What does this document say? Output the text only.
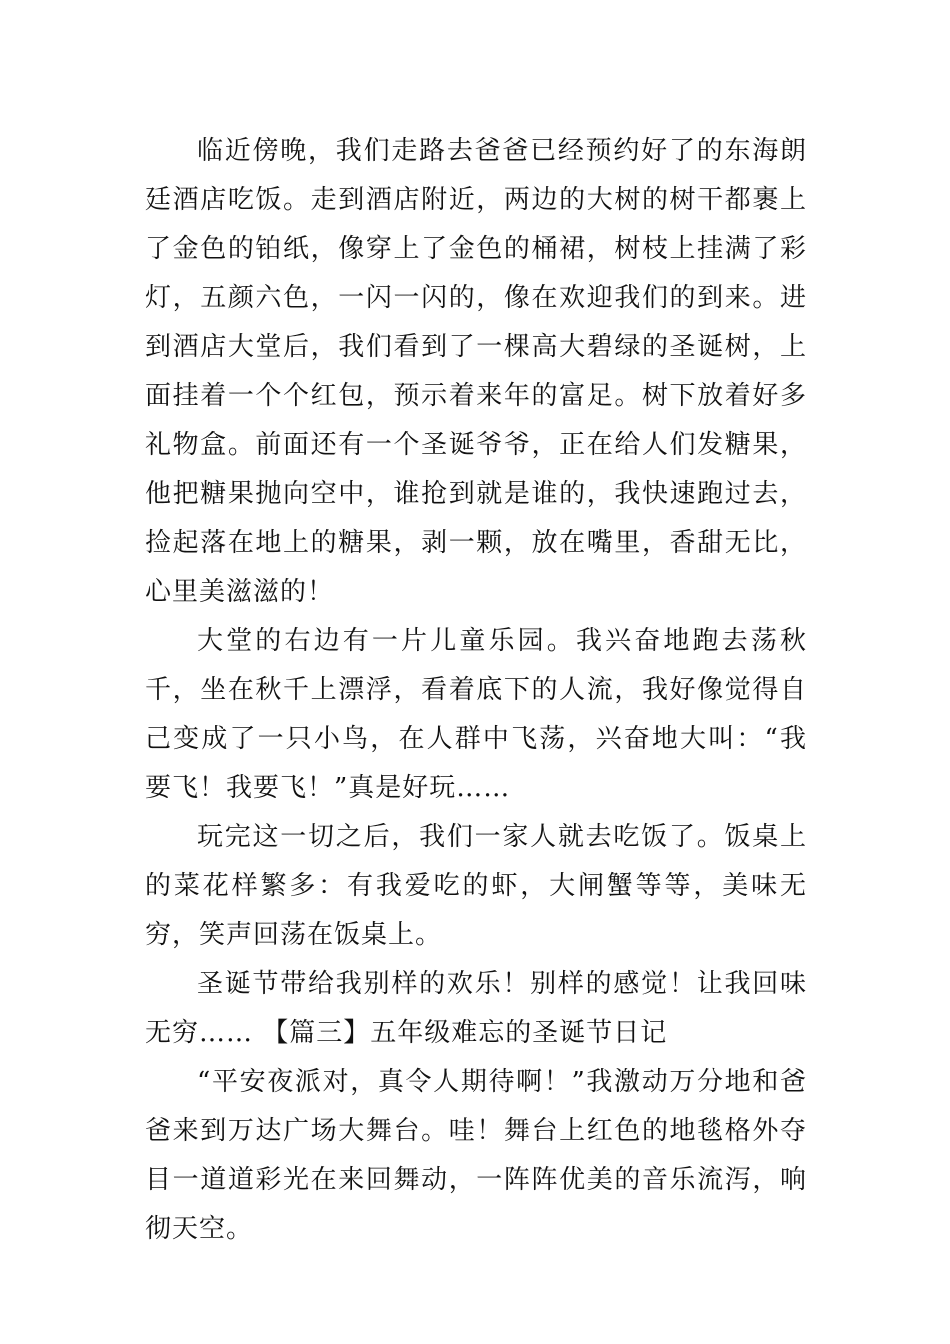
临近傍晚，我们走路去爸爸已经预约好了的东海朗廷酒店吃饭。走到酒店附近，两边的大树的树干都裹上了金色的铂纸，像穿上了金色的桶裙，树枝上挂满了彩灯，五颜六色，一闪一闪的，像在欢迎我们的到来。进到酒店大堂后，我们看到了一棵高大碧绿的圣诞树，上面挂着一个个红包，预示着来年的富足。树下放着好多礼物盒。前面还有一个圣诞爷爷，正在给人们发糖果，他把糖果抛向空中，谁抢到就是谁的，我快速跑过去，捡起落在地上的糖果，剥一颗，放在嘴里，香甜无比，心里美滋滋的！

大堂的右边有一片儿童乐园。我兴奋地跑去荡秋千，坐在秋千上漂浮，看着底下的人流，我好像觉得自己变成了一只小鸟，在人群中飞荡，兴奋地大叫：“我要飞！我要飞！”真是好玩……

玩完这一切之后，我们一家人就去吃饭了。饭桌上的菜花样繁多：有我爱吃的虾，大闸蟹等等，美味无穷，笑声回荡在饭桌上。

圣诞节带给我别样的欢乐！别样的感觉！让我回味无穷…… 【篇三】五年级难忘的圣诞节日记

“平安夜派对，真令人期待啊！”我激动万分地和爸爸来到万达广场大舞台。哇！舞台上红色的地毯格外夺目一道道彩光在来回舞动，一阵阵优美的音乐流泻，响彻天空。
